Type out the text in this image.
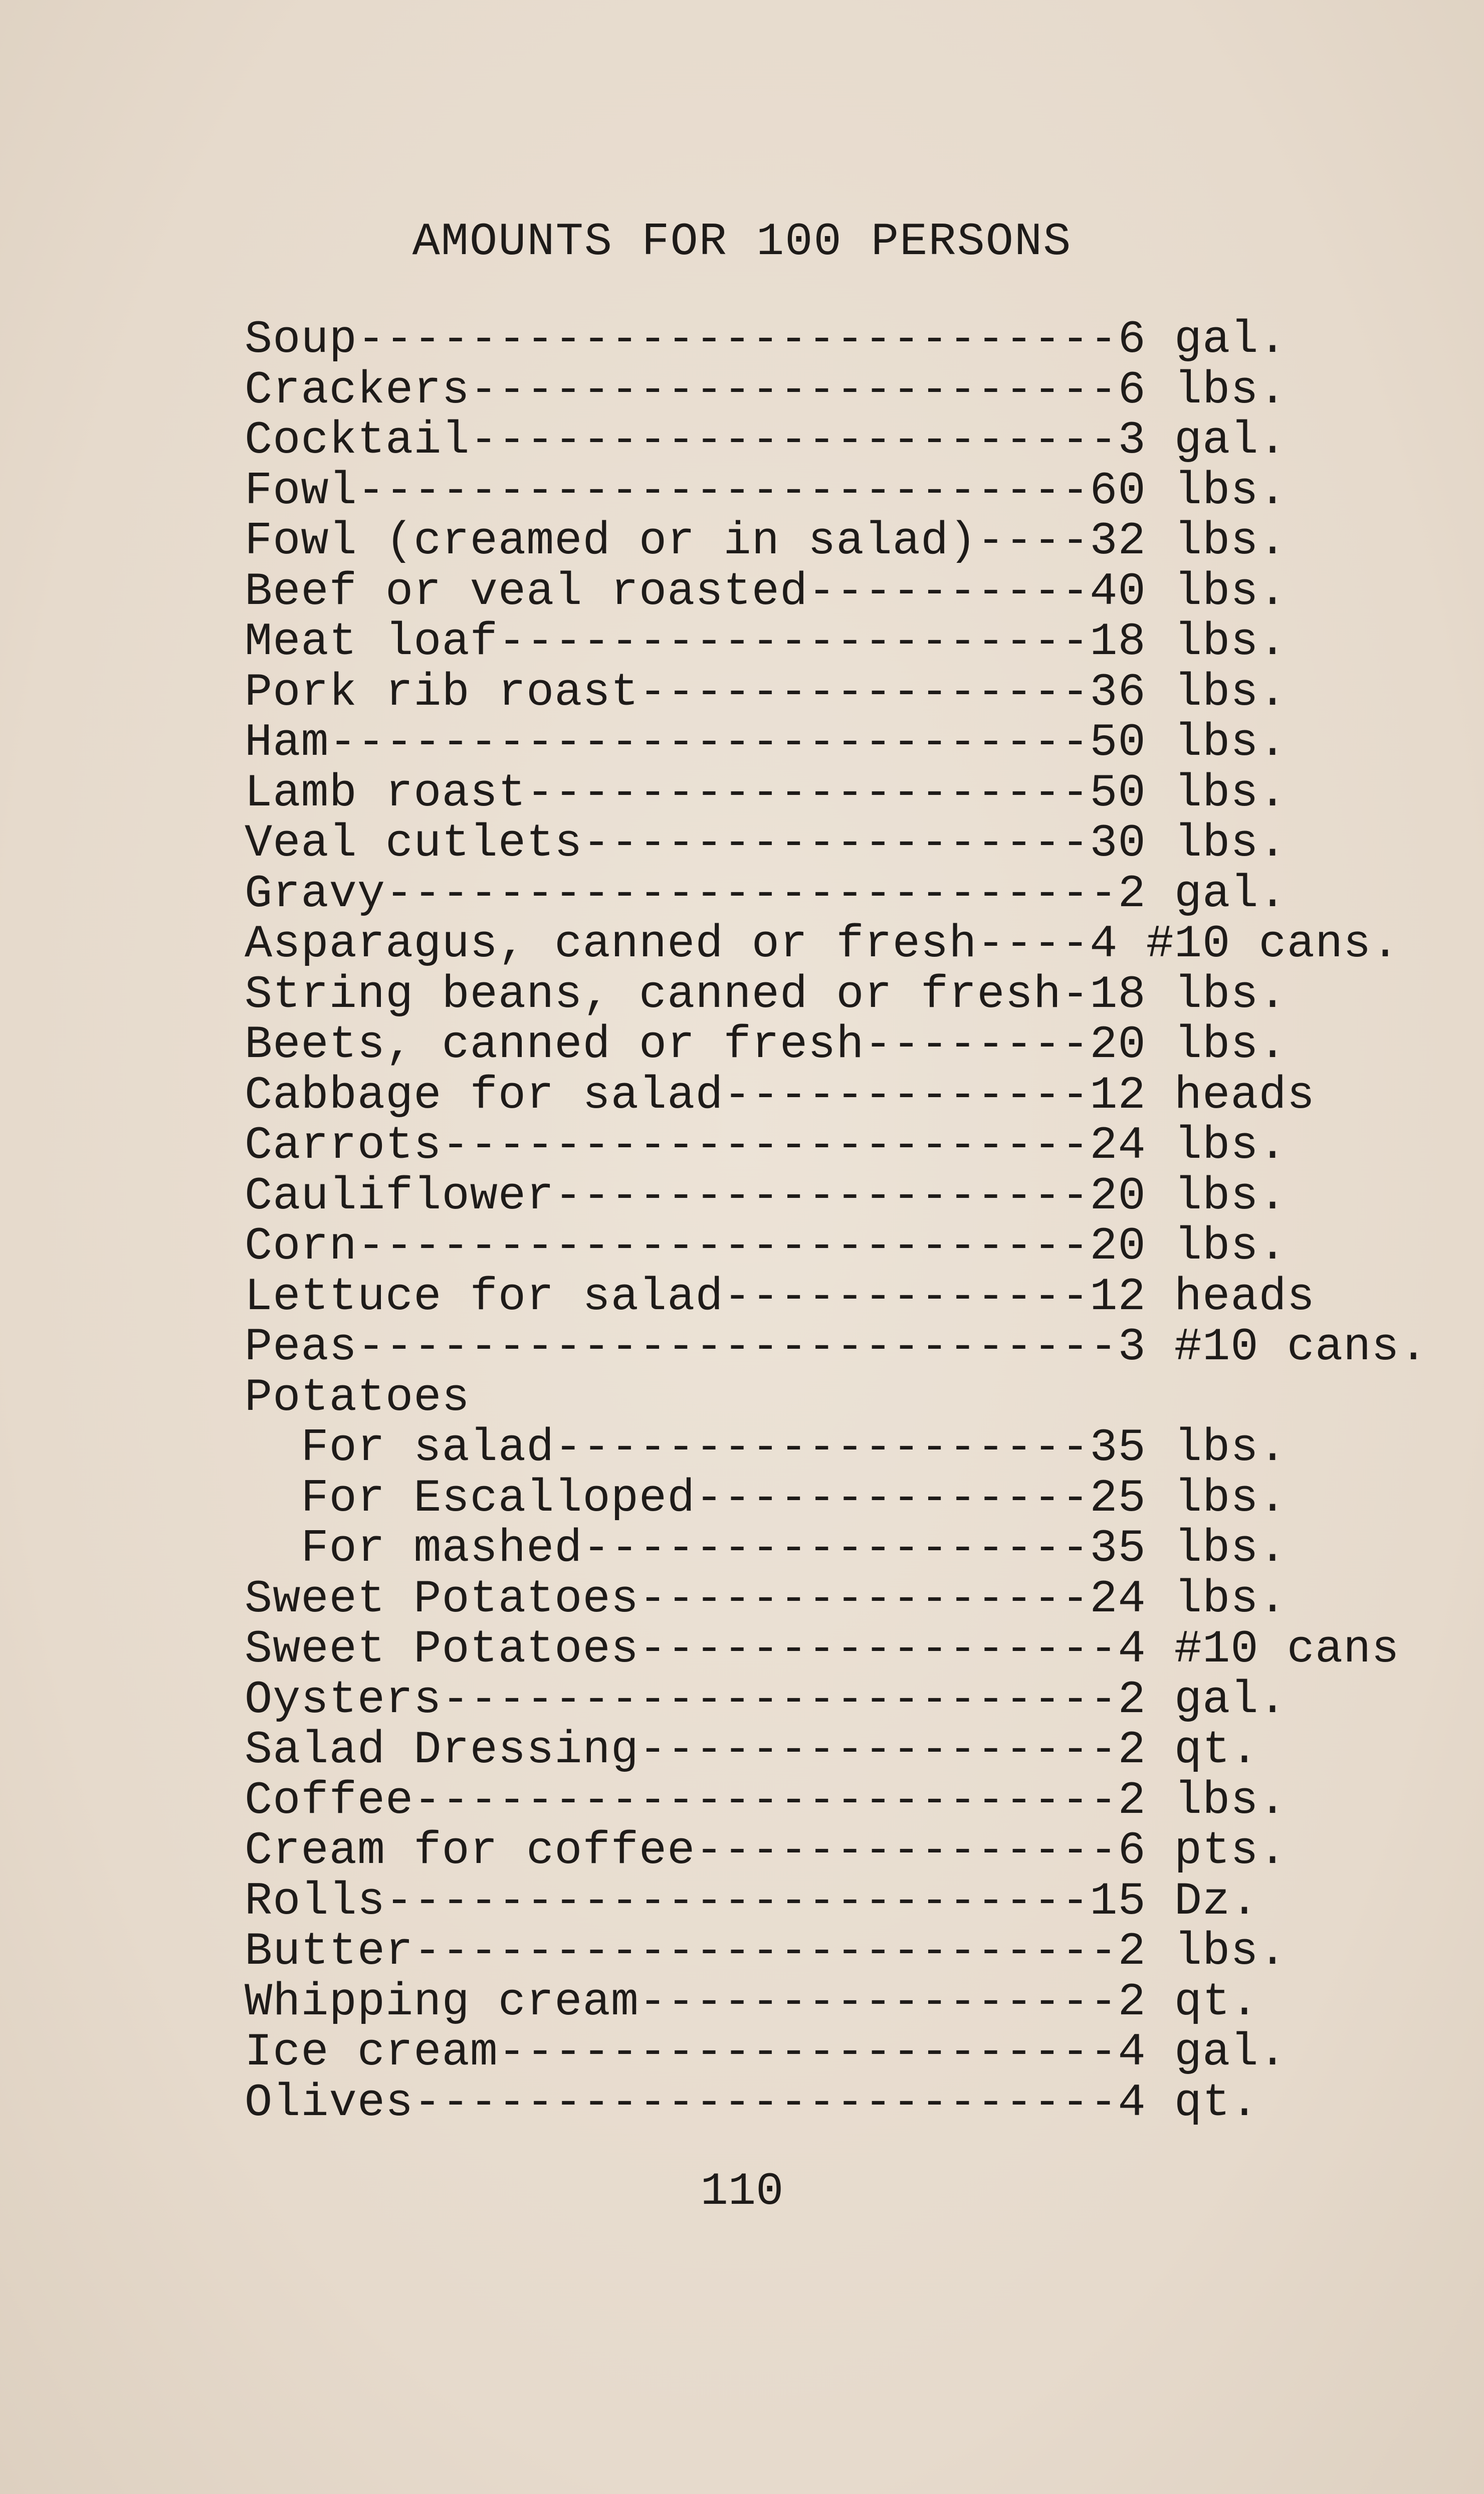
AMOUNTS FOR 100 PERSONS
Soup---------------------------6 gal.
Crackers-----------------------6 lbs.
Cocktail-----------------------3 gal.
Fowl--------------------------60 lbs.
Fowl (creamed or in salad)----32 lbs.
Beef or veal roasted----------40 lbs.
Meat loaf---------------------18 lbs.
Pork rib roast----------------36 lbs.
Ham---------------------------50 lbs.
Lamb roast--------------------50 lbs.
Veal cutlets------------------30 lbs.
Gravy--------------------------2 gal.
Asparagus, canned or fresh----4 #10 cans.
String beans, canned or fresh-18 lbs.
Beets, canned or fresh--------20 lbs.
Cabbage for salad-------------12 heads
Carrots-----------------------24 lbs.
Cauliflower-------------------20 lbs.
Corn--------------------------20 lbs.
Lettuce for salad-------------12 heads
Peas---------------------------3 #10 cans.
Potatoes
For salad-------------------35 lbs.
For Escalloped--------------25 lbs.
For mashed------------------35 lbs.
Sweet Potatoes----------------24 lbs.
Sweet Potatoes-----------------4 #10 cans
Oysters------------------------2 gal.
Salad Dressing-----------------2 qt.
Coffee-------------------------2 lbs.
Cream for coffee---------------6 pts.
Rolls-------------------------15 Dz.
Butter-------------------------2 lbs.
Whipping cream-----------------2 qt.
Ice cream----------------------4 gal.
Olives-------------------------4 qt.
110
